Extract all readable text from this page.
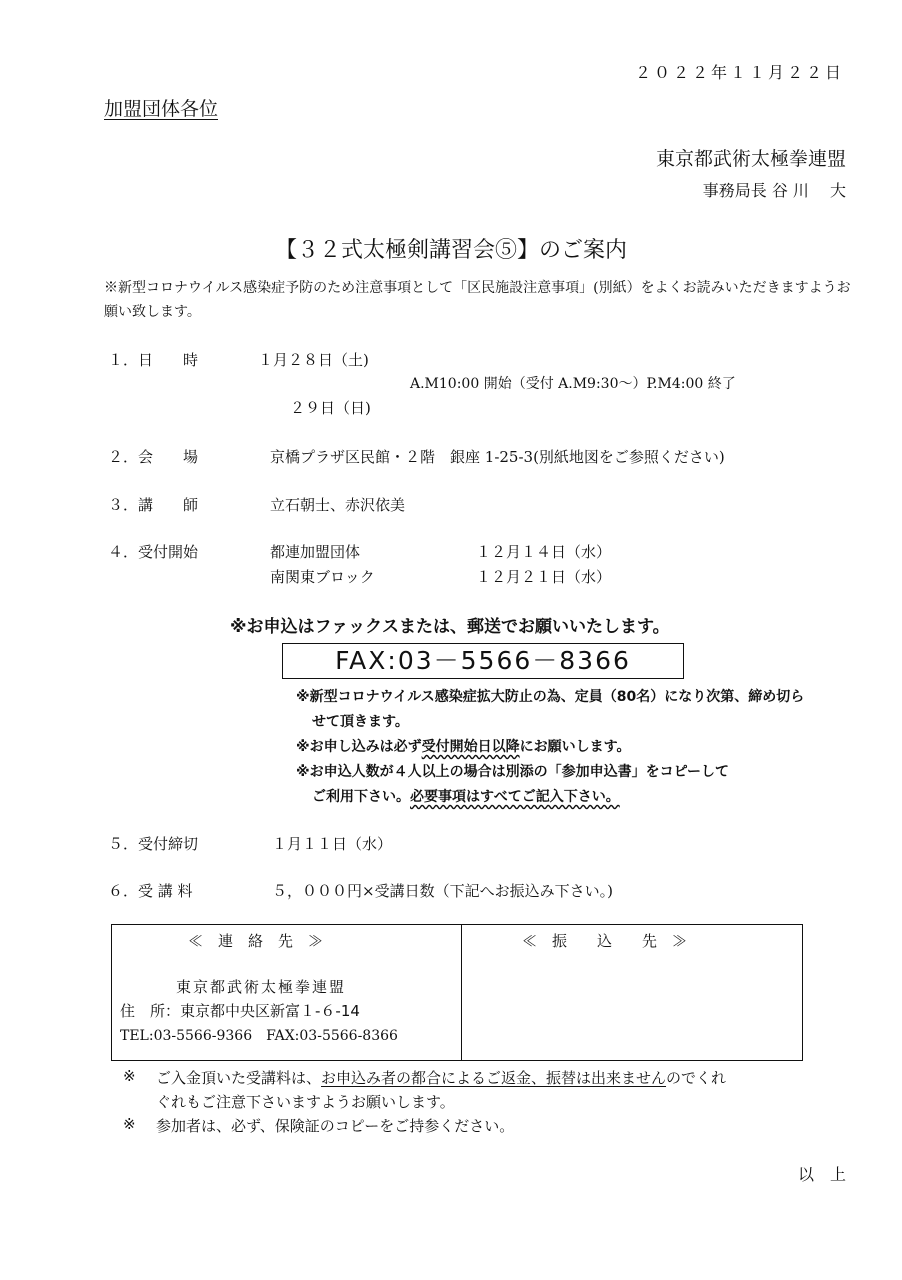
２０２２年１１月２２日
加盟団体各位
東京都武術太極拳連盟
事務局長 谷 川　 大
【３２式太極剣講習会⑤】のご案内
※新型コロナウイルス感染症予防のため注意事項として「区民施設注意事項」(別紙）をよくお読みいただきますようお願い致します。
１．日　　時	１月２８日（土)
A.M10:00 開始（受付 A.M9:30～）P.M4:00 終了
２９日（日)
２．会　　場	京橋プラザ区民館・２階　銀座 1-25-3(別紙地図をご参照ください)
３．講　　師	立石朝士、赤沢依美
４．受付開始	都連加盟団体	１２月１４日（水）
南関東ブロック	１２月２１日（水）
※お申込はファックスまたは、郵送でお願いいたします。
FAX:03－5566－8366
※新型コロナウイルス感染症拡大防止の為、定員（80名）になり次第、締め切ら
せて頂きます。
※お申し込みは必ず受付開始日以降にお願いします。
※お申込人数が４人以上の場合は別添の「参加申込書」をコピーして
ご利用下さい。必要事項はすべてご記入下さい。
５．受付締切	１月１１日（水）
６．受 講 料	５，０００円×受講日数（下記へお振込み下さい。)
≪　連　絡　先　≫	≪　振　　込　　先　≫
東京都武術太極拳連盟
住　所：東京都中央区新富１-６-14
TEL:03‐5566‐9366　FAX:03-5566-8366
※ ご入金頂いた受講料は、お申込み者の都合によるご返金、振替は出来ませんのでくれ
ぐれもご注意下さいますようお願いします。
※ 参加者は、必ず、保険証のコピーをご持参ください。
以　上
